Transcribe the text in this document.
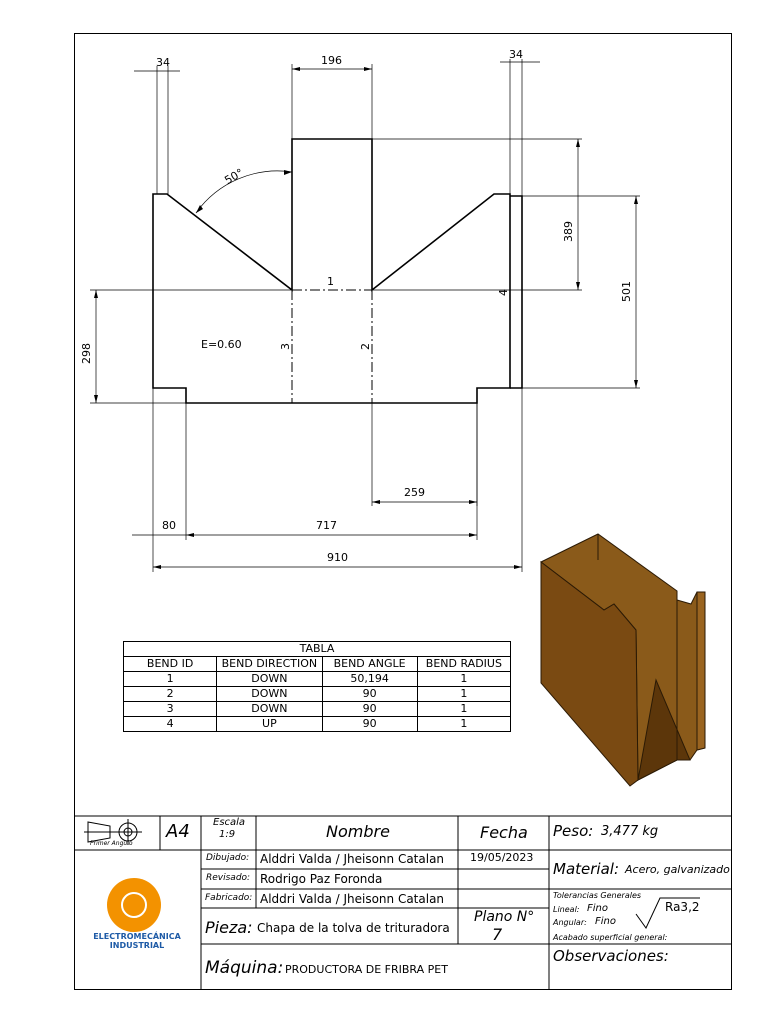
34	196	34
50°
389
501
298
259
80	717
910
1
2
3
4
E=0.60
TABLA			
BEND ID	BEND DIRECTION	BEND ANGLE	BEND RADIUS
1	DOWN	50,194	1
2	DOWN	90	1
3	DOWN	90	1
4	UP	90	1
Primer Angulo
A4 Escala
1:9	Nombre	Fecha Peso: 3,477 kg
Dibujado: Alddri Valda / Jheisonn Catalan 19/05/2023
Material: Acero, galvanizado
Revisado: Rodrigo Paz Foronda
Fabricado: Alddri Valda / Jheisonn Catalan	Tolerancias Generales
Lineal: Fino
Angular: Fino
Ra3,2
Acabado superficial general:
Pieza: Chapa de la tolva de trituradora
Plano N°
7
Máquina: PRODUCTORA DE FRIBRA PET
Observaciones:
ELECTROMECÁNICA INDUSTRIAL
